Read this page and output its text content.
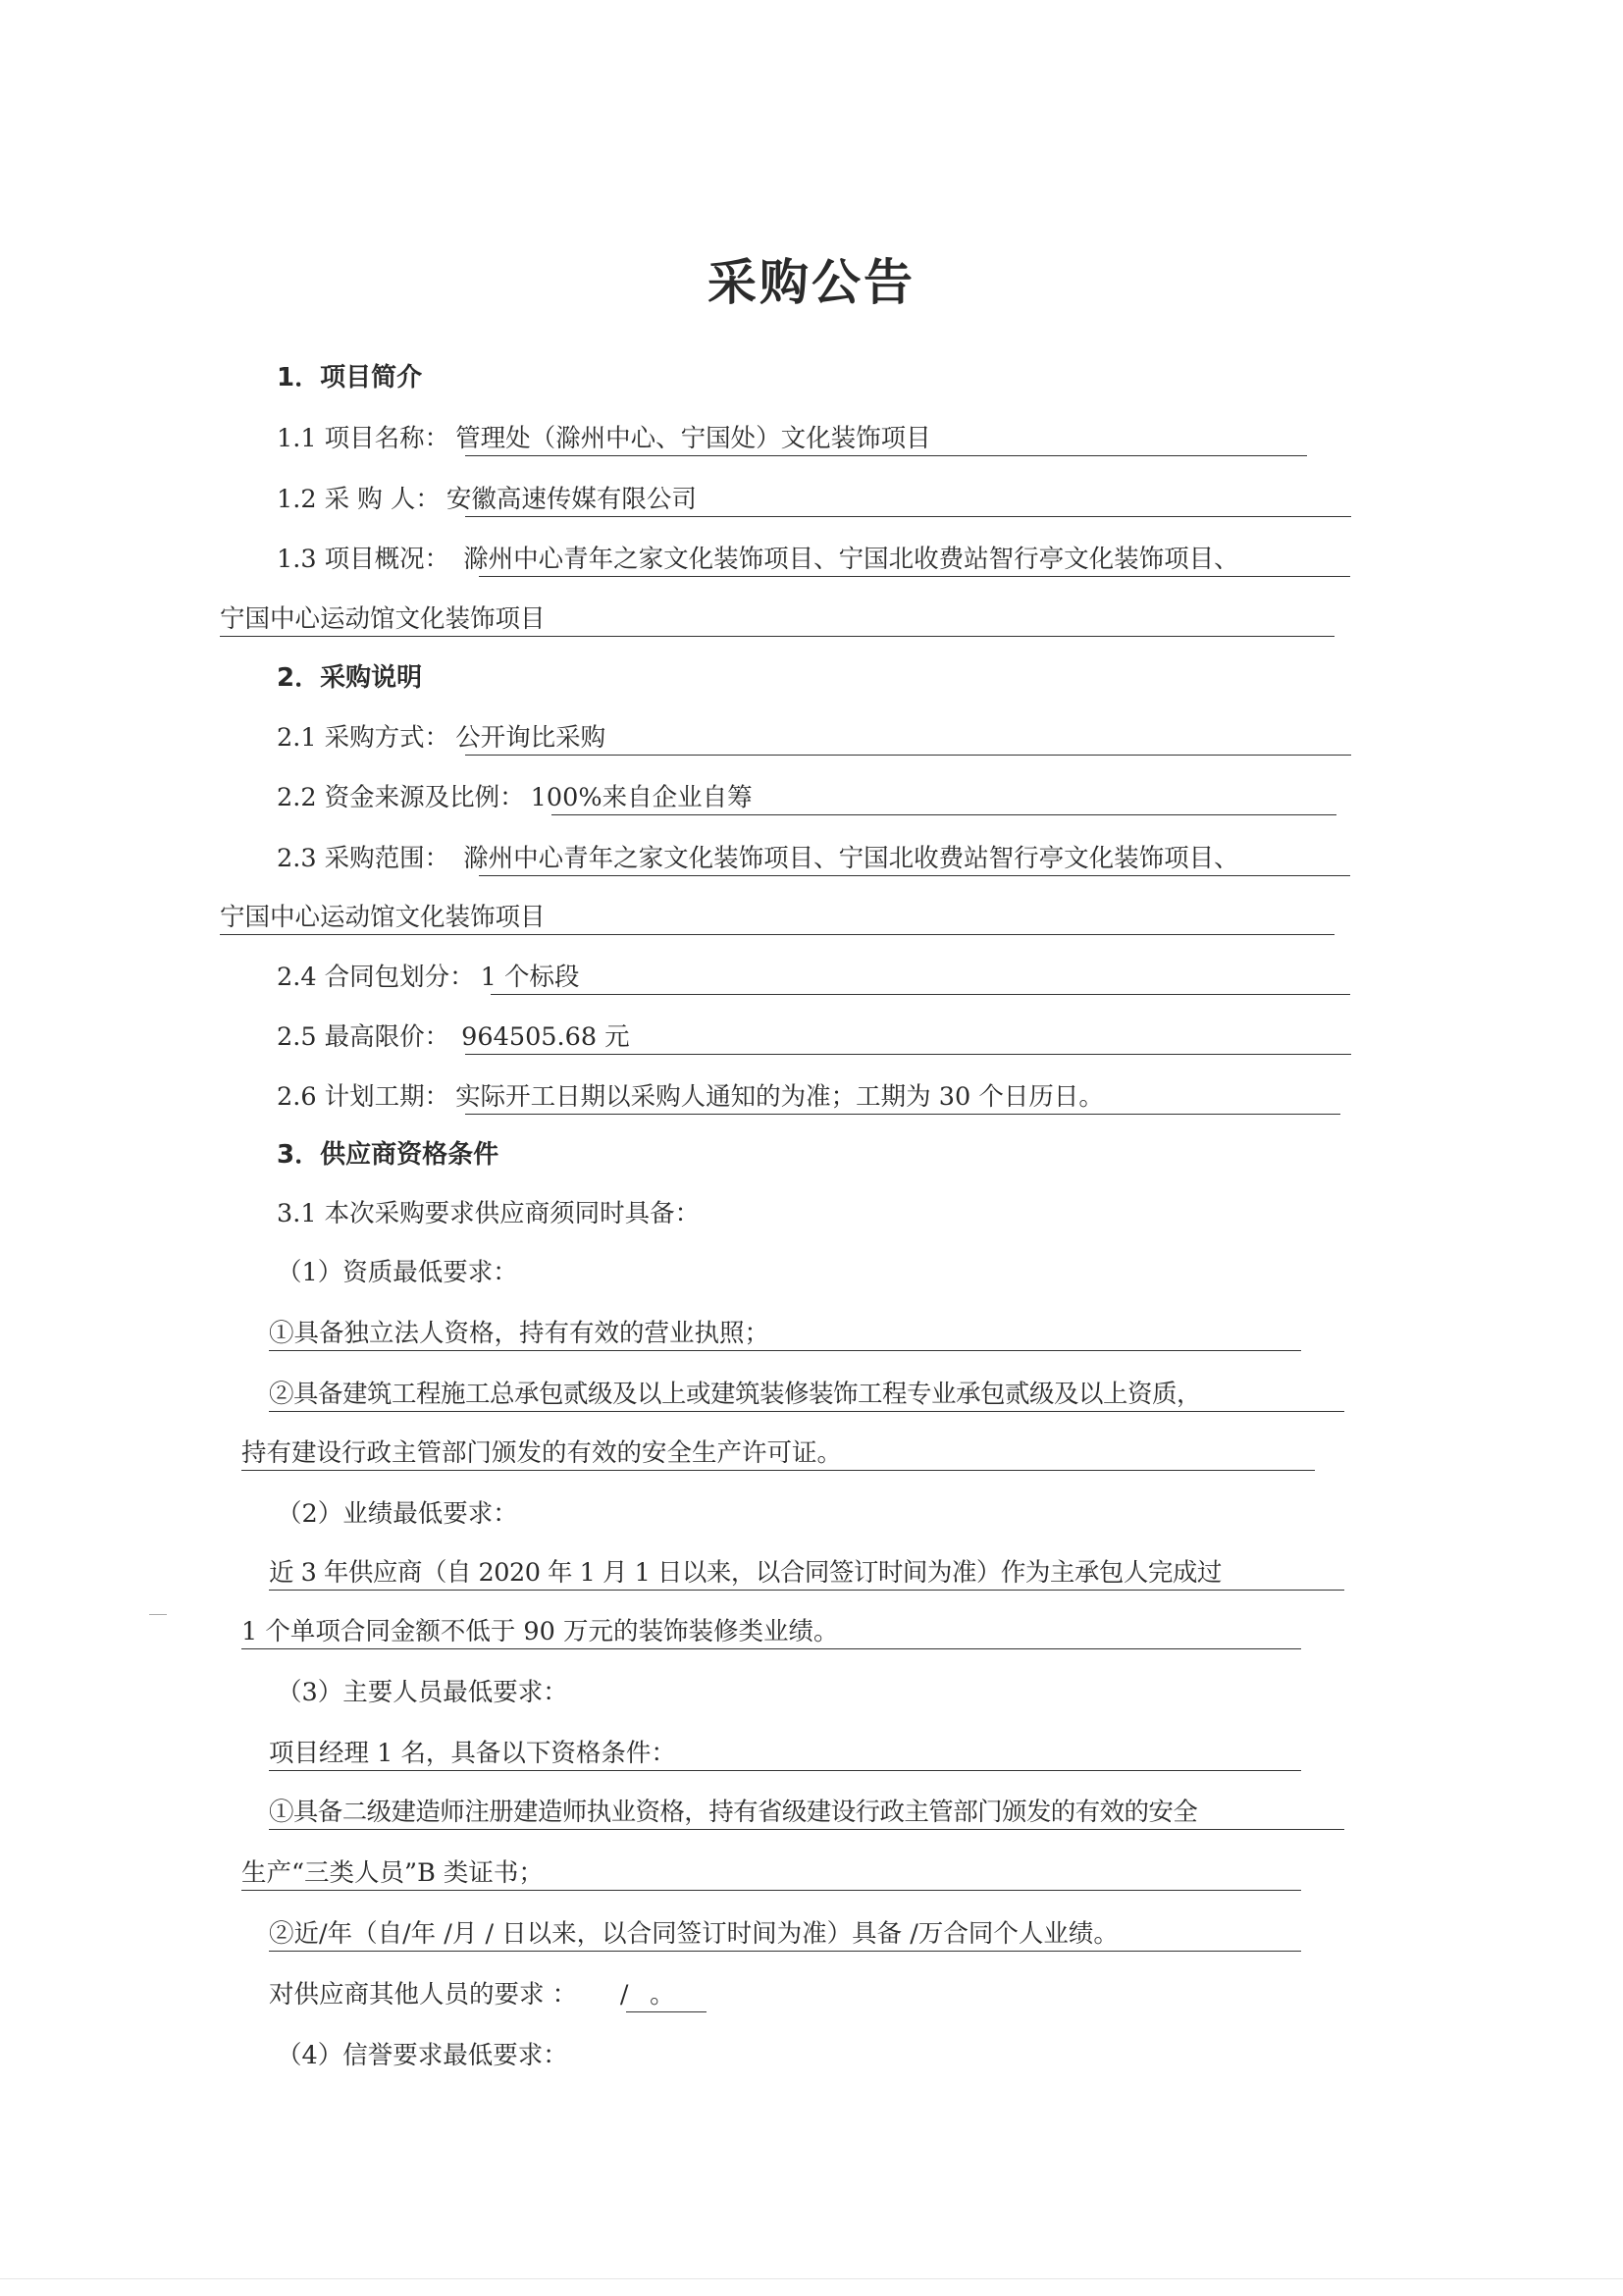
采购公告
1．项目简介
1.1 项目名称： 管理处（滁州中心、宁国处）文化装饰项目
1.2 采 购 人： 安徽高速传媒有限公司
1.3 项目概况： 滁州中心青年之家文化装饰项目、宁国北收费站智行亭文化装饰项目、
宁国中心运动馆文化装饰项目
2．采购说明
2.1 采购方式： 公开询比采购
2.2 资金来源及比例： 100%来自企业自筹
2.3 采购范围： 滁州中心青年之家文化装饰项目、宁国北收费站智行亭文化装饰项目、
宁国中心运动馆文化装饰项目
2.4 合同包划分： 1 个标段
2.5 最高限价： 964505.68 元
2.6 计划工期： 实际开工日期以采购人通知的为准；工期为 30 个日历日。
3．供应商资格条件
3.1 本次采购要求供应商须同时具备：
（1）资质最低要求：
①具备独立法人资格，持有有效的营业执照；
②具备建筑工程施工总承包贰级及以上或建筑装修装饰工程专业承包贰级及以上资质，
持有建设行政主管部门颁发的有效的安全生产许可证。
（2）业绩最低要求：
近 3 年供应商（自 2020 年 1 月 1 日以来，以合同签订时间为准）作为主承包人完成过
1 个单项合同金额不低于 90 万元的装饰装修类业绩。
（3）主要人员最低要求：
项目经理 1 名，具备以下资格条件：
①具备二级建造师注册建造师执业资格，持有省级建设行政主管部门颁发的有效的安全
生产“三类人员”B 类证书；
②近/年（自/年 /月 / 日以来，以合同签订时间为准）具备 /万合同个人业绩。
对供应商其他人员的要求 ： / 。
（4）信誉要求最低要求：
